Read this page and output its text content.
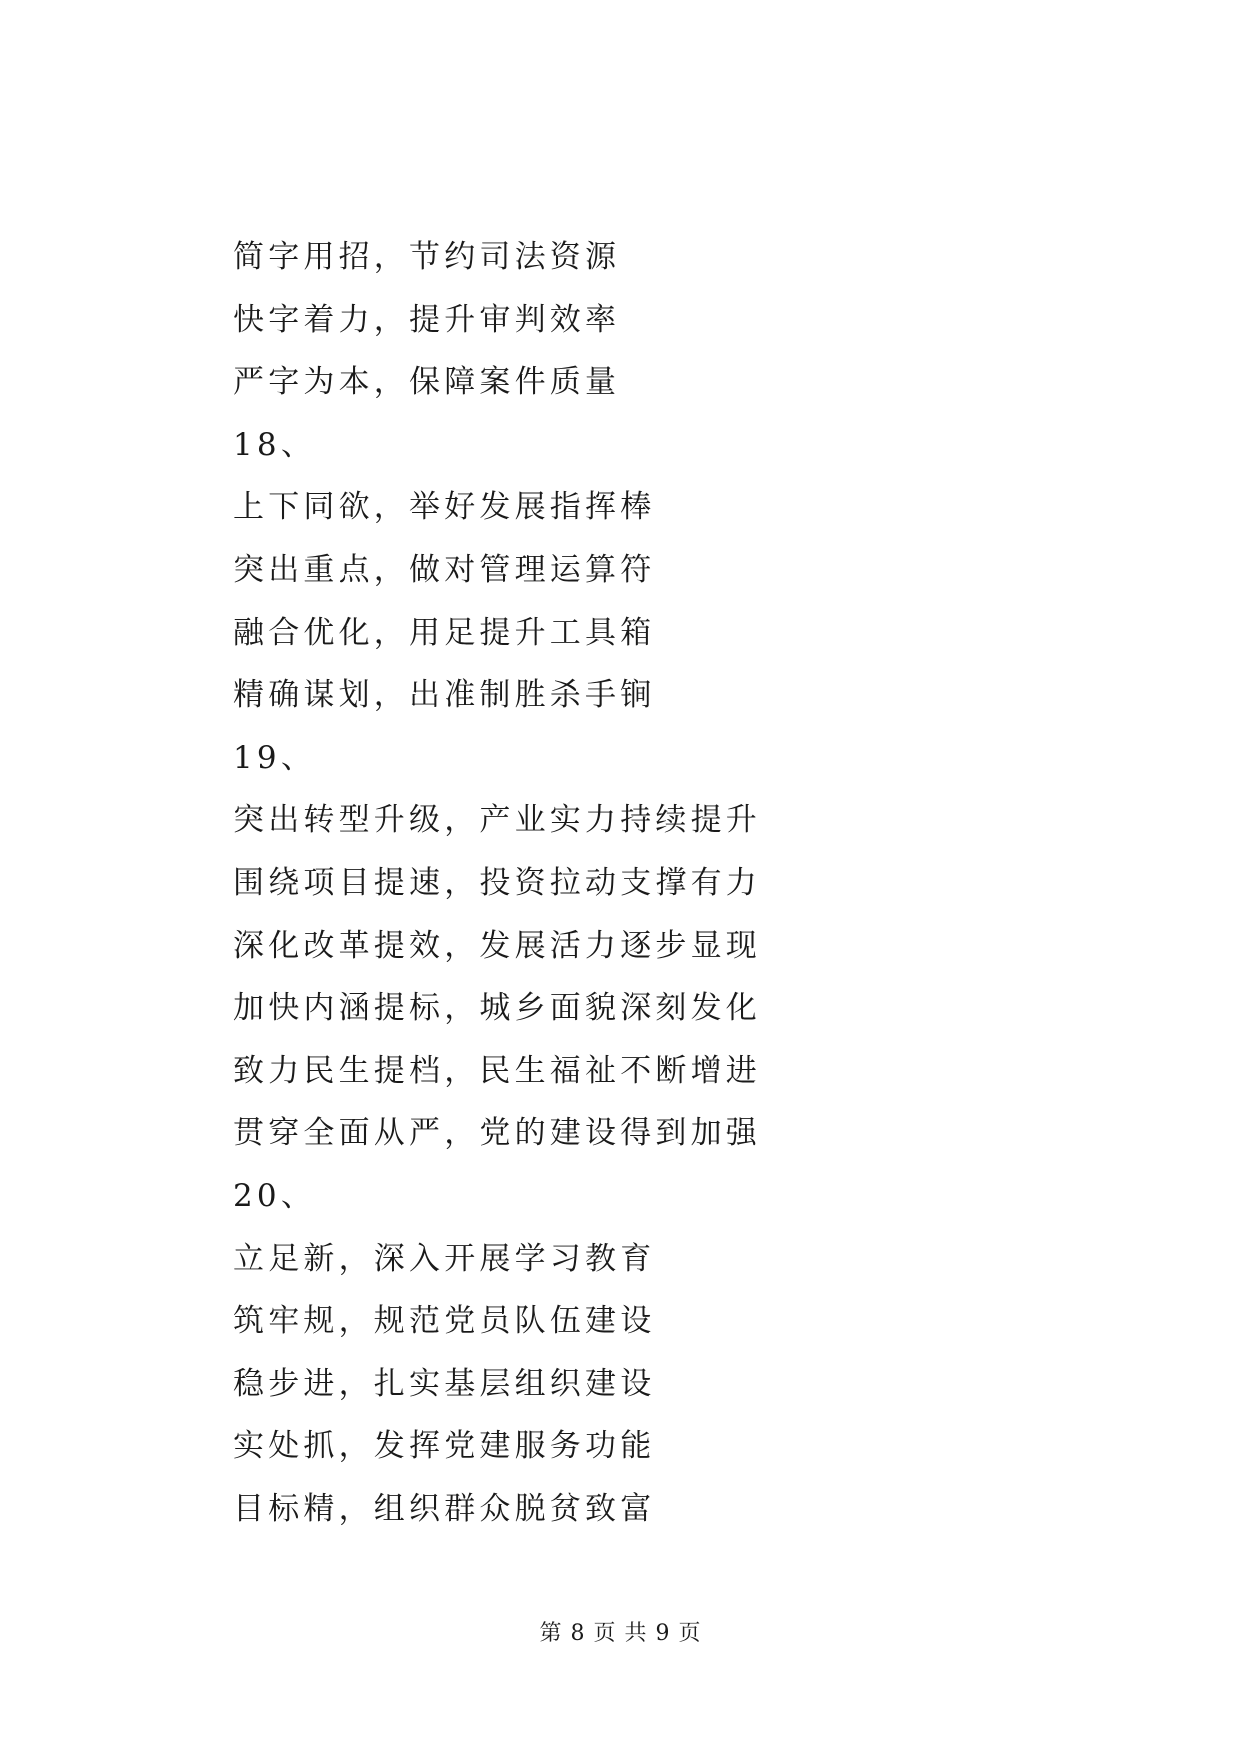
简字用招，节约司法资源
快字着力，提升审判效率
严字为本，保障案件质量
18、
上下同欲，举好发展指挥棒
突出重点，做对管理运算符
融合优化，用足提升工具箱
精确谋划，出准制胜杀手锏
19、
突出转型升级，产业实力持续提升
围绕项目提速，投资拉动支撑有力
深化改革提效，发展活力逐步显现
加快内涵提标，城乡面貌深刻发化
致力民生提档，民生福祉不断增进
贯穿全面从严，党的建设得到加强
20、
立足新，深入开展学习教育
筑牢规，规范党员队伍建设
稳步进，扎实基层组织建设
实处抓，发挥党建服务功能
目标精，组织群众脱贫致富
第 8 页 共 9 页
